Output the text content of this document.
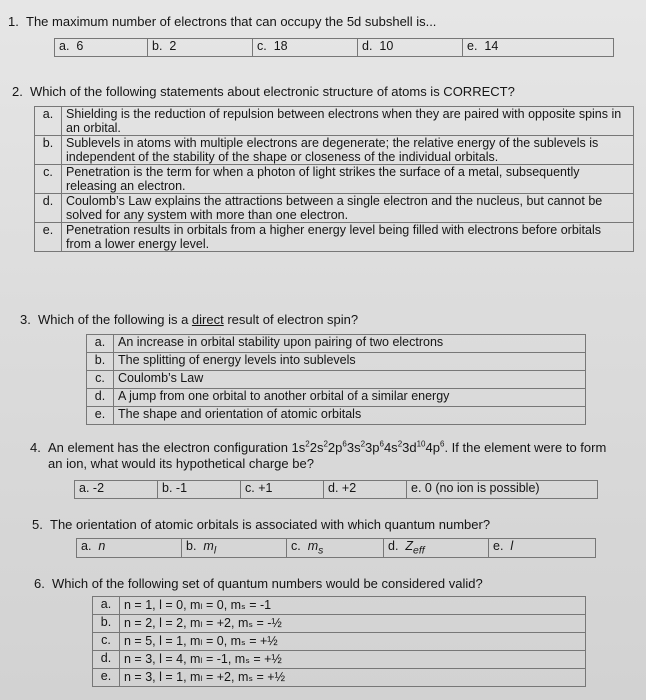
1. The maximum number of electrons that can occupy the 5d subshell is...
a. 6	b. 2	c. 18	d. 10	e. 14
2. Which of the following statements about electronic structure of atoms is CORRECT?
a.	Shielding is the reduction of repulsion between electrons when they are paired with opposite spins in an orbital.
b.	Sublevels in atoms with multiple electrons are degenerate; the relative energy of the sublevels is independent of the stability of the shape or closeness of the individual orbitals.
c.	Penetration is the term for when a photon of light strikes the surface of a metal, subsequently releasing an electron.
d.	Coulomb’s Law explains the attractions between a single electron and the nucleus, but cannot be solved for any system with more than one electron.
e.	Penetration results in orbitals from a higher energy level being filled with electrons before orbitals from a lower energy level.
3. Which of the following is a direct result of electron spin?
a.	An increase in orbital stability upon pairing of two electrons
b.	The splitting of energy levels into sublevels
c.	Coulomb’s Law
d.	A jump from one orbital to another orbital of a similar energy
e.	The shape and orientation of atomic orbitals
4. An element has the electron configuration $1s^22s^22p^63s^23p^64s^23d^{10}4p^6$. If the element were to form
an ion, what would its hypothetical charge be?
a. -2	b. -1	c. +1	d. +2	e. 0 (no ion is possible)
5. The orientation of atomic orbitals is associated with which quantum number?
a. n	b. $m_l$	c. $m_s$	d. $Z_{eff}$	e. l
6. Which of the following set of quantum numbers would be considered valid?
a.	n = 1, l = 0, mₗ = 0, mₛ = -1
b.	n = 2, l = 2, mₗ = +2, mₛ = -½
c.	n = 5, l = 1, mₗ = 0, mₛ = +½
d.	n = 3, l = 4, mₗ = -1, mₛ = +½
e.	n = 3, l = 1, mₗ = +2, mₛ = +½
